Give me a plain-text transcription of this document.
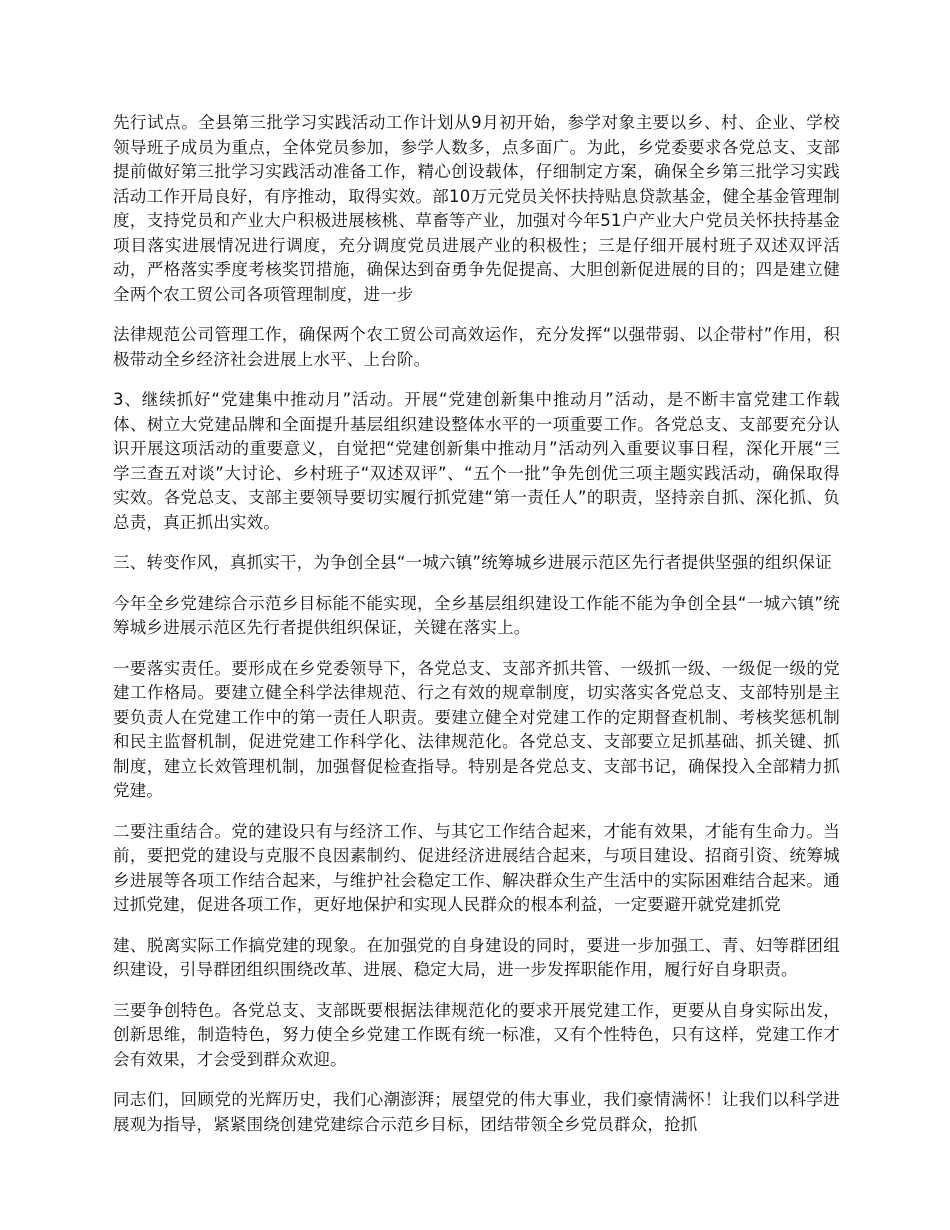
先行试点。全县第三批学习实践活动工作计划从9月初开始，参学对象主要以乡、村、企业、学校领导班子成员为重点，全体党员参加，参学人数多，点多面广。为此，乡党委要求各党总支、支部提前做好第三批学习实践活动准备工作，精心创设载体，仔细制定方案，确保全乡第三批学习实践活动工作开局良好，有序推动，取得实效。部10万元党员关怀扶持贴息贷款基金，健全基金管理制度，支持党员和产业大户积极进展核桃、草畜等产业，加强对今年51户产业大户党员关怀扶持基金项目落实进展情况进行调度，充分调度党员进展产业的积极性；三是仔细开展村班子双述双评活动，严格落实季度考核奖罚措施，确保达到奋勇争先促提高、大胆创新促进展的目的；四是建立健全两个农工贸公司各项管理制度，进一步

法律规范公司管理工作，确保两个农工贸公司高效运作，充分发挥“以强带弱、以企带村”作用，积极带动全乡经济社会进展上水平、上台阶。

3、继续抓好“党建集中推动月”活动。开展“党建创新集中推动月”活动，是不断丰富党建工作载体、树立大党建品牌和全面提升基层组织建设整体水平的一项重要工作。各党总支、支部要充分认识开展这项活动的重要意义，自觉把“党建创新集中推动月”活动列入重要议事日程，深化开展“三学三查五对谈”大讨论、乡村班子“双述双评”、“五个一批”争先创优三项主题实践活动，确保取得实效。各党总支、支部主要领导要切实履行抓党建“第一责任人”的职责，坚持亲自抓、深化抓、负总责，真正抓出实效。

三、转变作风，真抓实干，为争创全县“一城六镇”统筹城乡进展示范区先行者提供坚强的组织保证

今年全乡党建综合示范乡目标能不能实现，全乡基层组织建设工作能不能为争创全县“一城六镇”统筹城乡进展示范区先行者提供组织保证，关键在落实上。

一要落实责任。要形成在乡党委领导下，各党总支、支部齐抓共管、一级抓一级、一级促一级的党建工作格局。要建立健全科学法律规范、行之有效的规章制度，切实落实各党总支、支部特别是主要负责人在党建工作中的第一责任人职责。要建立健全对党建工作的定期督查机制、考核奖惩机制和民主监督机制，促进党建工作科学化、法律规范化。各党总支、支部要立足抓基础、抓关键、抓制度，建立长效管理机制，加强督促检查指导。特别是各党总支、支部书记，确保投入全部精力抓党建。

二要注重结合。党的建设只有与经济工作、与其它工作结合起来，才能有效果，才能有生命力。当前，要把党的建设与克服不良因素制约、促进经济进展结合起来，与项目建设、招商引资、统筹城乡进展等各项工作结合起来，与维护社会稳定工作、解决群众生产生活中的实际困难结合起来。通过抓党建，促进各项工作，更好地保护和实现人民群众的根本利益，一定要避开就党建抓党

建、脱离实际工作搞党建的现象。在加强党的自身建设的同时，要进一步加强工、青、妇等群团组织建设，引导群团组织围绕改革、进展、稳定大局，进一步发挥职能作用，履行好自身职责。

三要争创特色。各党总支、支部既要根据法律规范化的要求开展党建工作，更要从自身实际出发，创新思维，制造特色，努力使全乡党建工作既有统一标准，又有个性特色，只有这样，党建工作才会有效果，才会受到群众欢迎。

同志们，回顾党的光辉历史，我们心潮澎湃；展望党的伟大事业，我们豪情满怀！让我们以科学进展观为指导，紧紧围绕创建党建综合示范乡目标，团结带领全乡党员群众，抢抓
